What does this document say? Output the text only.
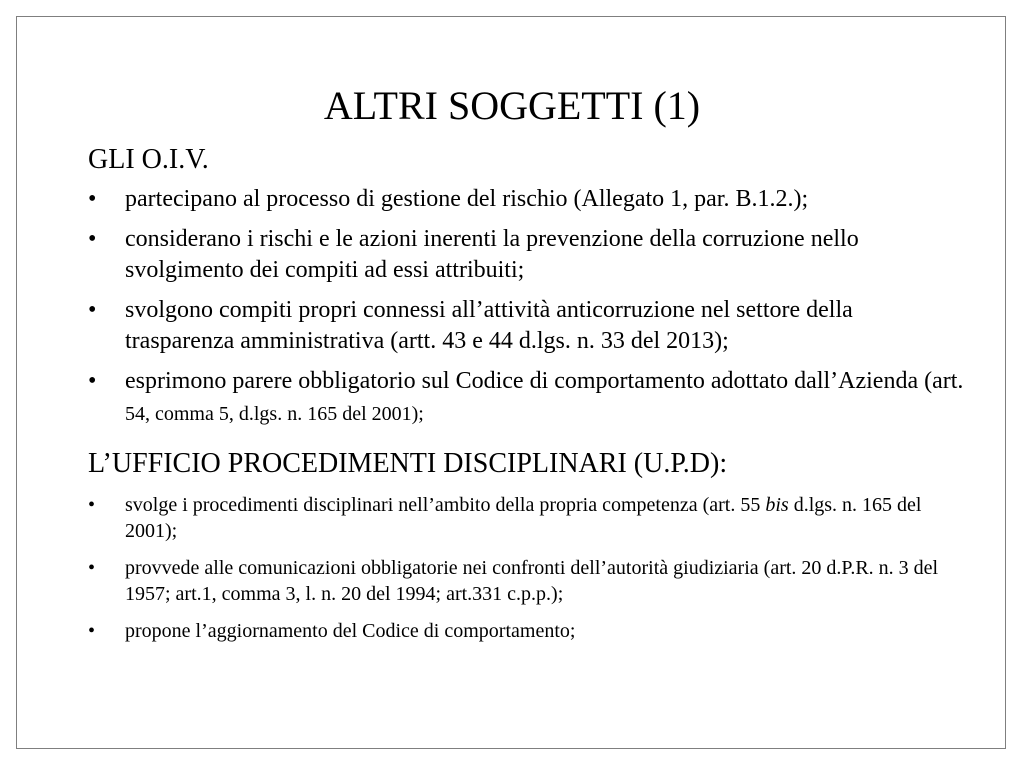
ALTRI SOGGETTI (1)
GLI O.I.V.
• partecipano al processo di gestione del rischio (Allegato 1, par. B.1.2.);
• considerano i rischi e le azioni inerenti la prevenzione della corruzione nello svolgimento dei compiti ad essi attribuiti;
• svolgono compiti propri connessi all’attività anticorruzione nel settore della trasparenza amministrativa (artt. 43 e 44 d.lgs. n. 33 del 2013);
• esprimono parere obbligatorio sul Codice di comportamento adottato dall’Azienda (art. 54, comma 5, d.lgs. n. 165 del 2001);
L’UFFICIO PROCEDIMENTI DISCIPLINARI (U.P.D):
• svolge i procedimenti disciplinari nell’ambito della propria competenza (art. 55 bis d.lgs. n. 165 del 2001);
• provvede alle comunicazioni obbligatorie nei confronti dell’autorità giudiziaria (art. 20 d.P.R. n. 3 del 1957; art.1, comma 3, l. n. 20 del 1994; art.331 c.p.p.);
• propone l’aggiornamento del Codice di comportamento;
